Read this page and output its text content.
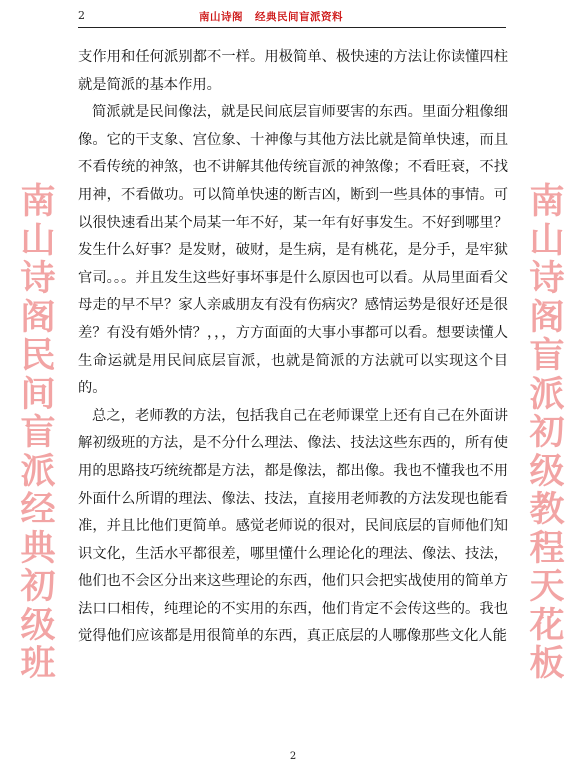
2	南山诗阁 经典民间盲派资料
南山诗阁 民间盲派经典初级班
南山诗阁 盲派初级教程天花板

支作用和任何派别都不一样。用极简单、极快速的方法让你读懂四柱就是简派的基本作用。

简派就是民间像法，就是民间底层盲师要害的东西。里面分粗像细像。它的干支象、宫位象、十神像与其他方法比就是简单快速，而且不看传统的神煞，也不讲解其他传统盲派的神煞像；不看旺衰，不找用神，不看做功。可以简单快速的断吉凶，断到一些具体的事情。可以很快速看出某个局某一年不好，某一年有好事发生。不好到哪里？发生什么好事？是发财，破财，是生病，是有桃花，是分手，是牢狱官司。。。并且发生这些好事坏事是什么原因也可以看。从局里面看父母走的早不早？家人亲戚朋友有没有伤病灾？感情运势是很好还是很差？有没有婚外情？，，，方方面面的大事小事都可以看。想要读懂人生命运就是用民间底层盲派，也就是简派的方法就可以实现这个目的。

总之，老师教的方法，包括我自己在老师课堂上还有自己在外面讲解初级班的方法，是不分什么理法、像法、技法这些东西的，所有使用的思路技巧统统都是方法，都是像法，都出像。我也不懂我也不用外面什么所谓的理法、像法、技法，直接用老师教的方法发现也能看准，并且比他们更简单。感觉老师说的很对，民间底层的盲师他们知识文化，生活水平都很差，哪里懂什么理论化的理法、像法、技法，他们也不会区分出来这些理论的东西，他们只会把实战使用的简单方法口口相传，纯理论的不实用的东西，他们肯定不会传这些的。我也觉得他们应该都是用很简单的东西，真正底层的人哪像那些文化人能

2
